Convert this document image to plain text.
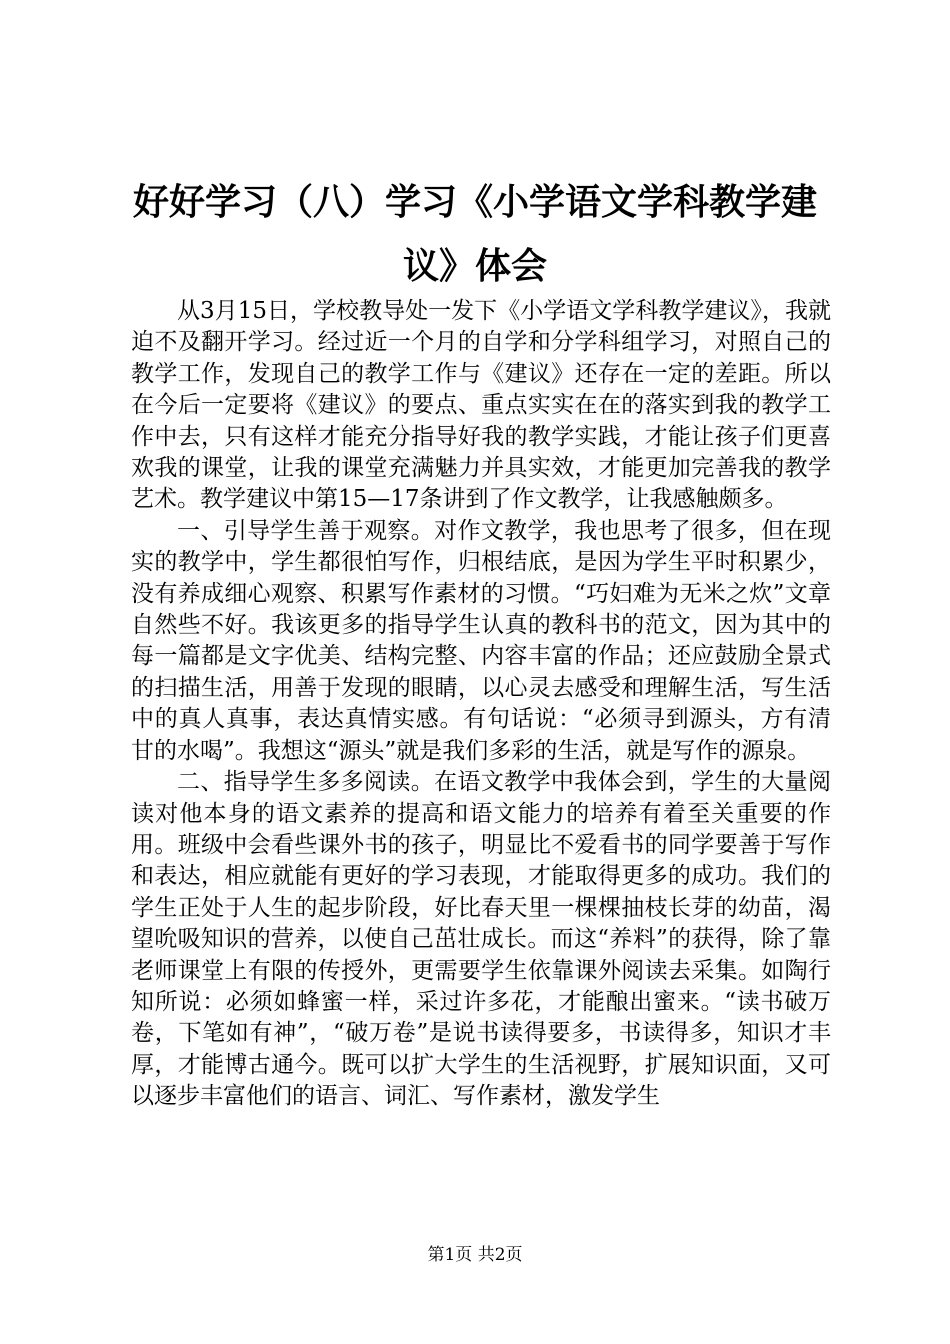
好好学习（八）学习《小学语文学科教学建议》体会

从3月15日，学校教导处一发下《小学语文学科教学建议》，我就迫不及翻开学习。经过近一个月的自学和分学科组学习，对照自己的教学工作，发现自己的教学工作与《建议》还存在一定的差距。所以在今后一定要将《建议》的要点、重点实实在在的落实到我的教学工作中去，只有这样才能充分指导好我的教学实践，才能让孩子们更喜欢我的课堂，让我的课堂充满魅力并具实效，才能更加完善我的教学艺术。教学建议中第15—17条讲到了作文教学，让我感触颇多。

一、引导学生善于观察。对作文教学，我也思考了很多，但在现实的教学中，学生都很怕写作，归根结底，是因为学生平时积累少，没有养成细心观察、积累写作素材的习惯。“巧妇难为无米之炊”文章自然些不好。我该更多的指导学生认真的教科书的范文，因为其中的每一篇都是文字优美、结构完整、内容丰富的作品；还应鼓励全景式的扫描生活，用善于发现的眼睛，以心灵去感受和理解生活，写生活中的真人真事，表达真情实感。有句话说：“必须寻到源头，方有清甘的水喝”。我想这“源头”就是我们多彩的生活，就是写作的源泉。

二、指导学生多多阅读。在语文教学中我体会到，学生的大量阅读对他本身的语文素养的提高和语文能力的培养有着至关重要的作用。班级中会看些课外书的孩子，明显比不爱看书的同学要善于写作和表达，相应就能有更好的学习表现，才能取得更多的成功。我们的学生正处于人生的起步阶段，好比春天里一棵棵抽枝长芽的幼苗，渴望吮吸知识的营养，以使自己茁壮成长。而这“养料”的获得，除了靠老师课堂上有限的传授外，更需要学生依靠课外阅读去采集。如陶行知所说：必须如蜂蜜一样，采过许多花，才能酿出蜜来。“读书破万卷，下笔如有神”，“破万卷”是说书读得要多，书读得多，知识才丰厚，才能博古通今。既可以扩大学生的生活视野，扩展知识面，又可以逐步丰富他们的语言、词汇、写作素材，激发学生

第1页 共2页
